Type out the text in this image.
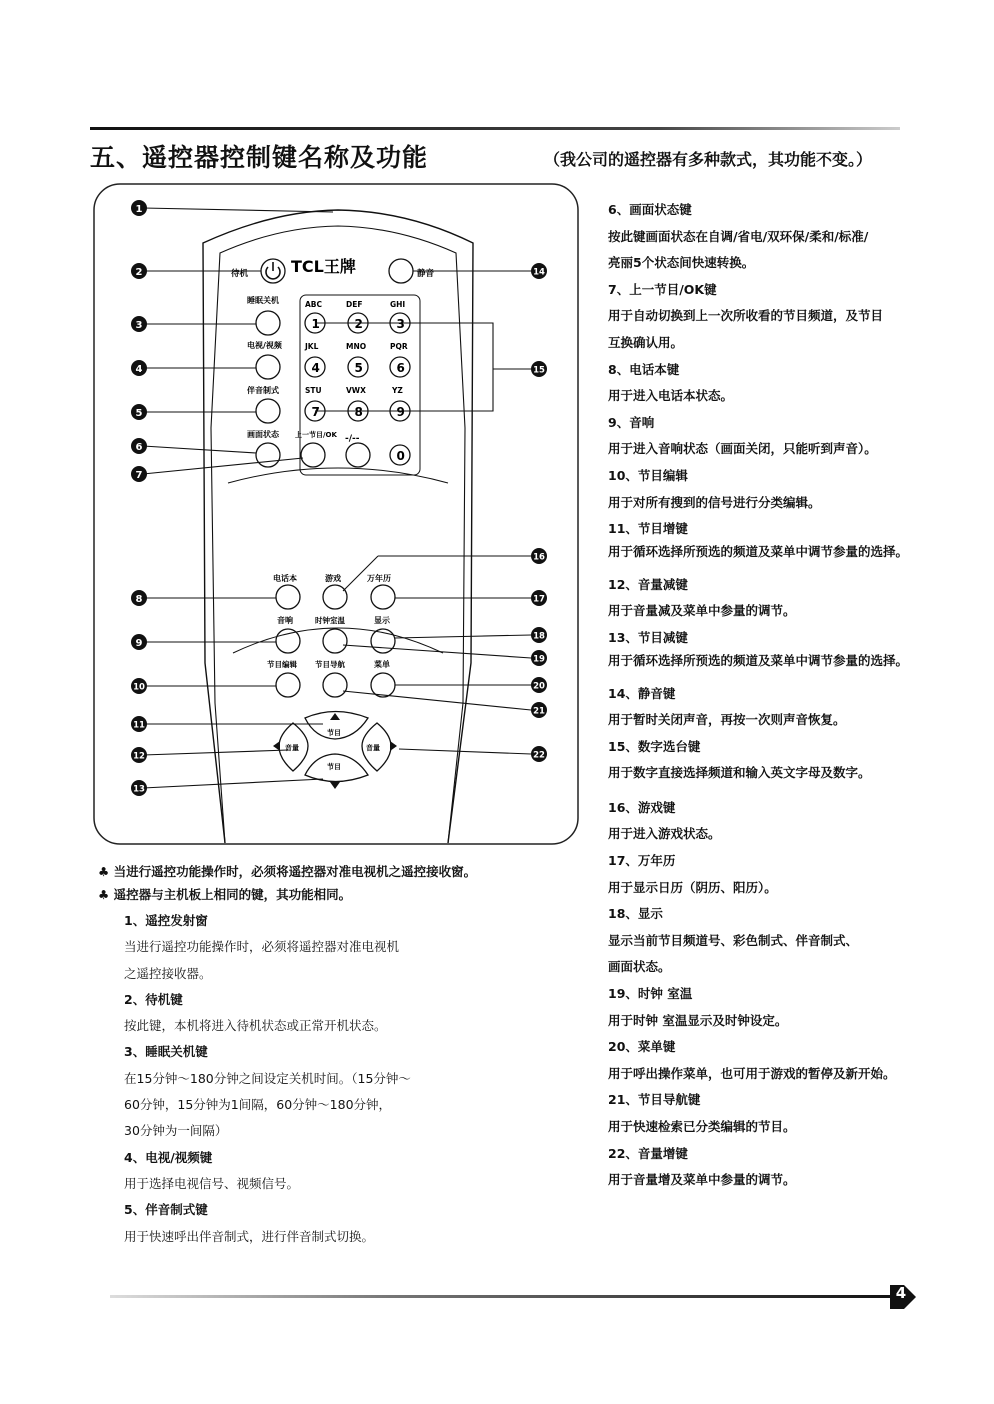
五、遥控器控制键名称及功能	（我公司的遥控器有多种款式，其功能不变。）
TCL王牌
待机	静音
睡眠关机
电视/视频
伴音制式
画面状态 上一节目/OK
ABC
1
DEF
2
GHI
3
JKL
4
MNO
5
PQR
6
STU
7
VWX
8
YZ
9
-/--
0
电话本	游戏	万年历
音响	时钟室温	显示
节目编辑 节目导航	菜单
节目
节目
音量	音量
1
2
3
4
5
6
7
8
9
10
11
12
13
14
15
16
17
18
19
20
21
22
6、画面状态键
按此键画面状态在自调/省电/双环保/柔和/标准/
亮丽5个状态间快速转换。
7、上一节目/OK键
用于自动切换到上一次所收看的节目频道，及节目
互换确认用。
8、电话本键
用于进入电话本状态。
9、音响
用于进入音响状态（画面关闭，只能听到声音）。
10、节目编辑
用于对所有搜到的信号进行分类编辑。
11、节目增键
用于循环选择所预选的频道及菜单中调节参量的选择。
12、音量减键
用于音量减及菜单中参量的调节。
13、节目减键
用于循环选择所预选的频道及菜单中调节参量的选择。
14、静音键
用于暂时关闭声音，再按一次则声音恢复。
15、数字选台键
用于数字直接选择频道和输入英文字母及数字。
16、游戏键
用于进入游戏状态。
17、万年历
用于显示日历（阴历、阳历）。
18、显示
显示当前节目频道号、彩色制式、伴音制式、
画面状态。
19、时钟 室温
用于时钟 室温显示及时钟设定。
20、菜单键
用于呼出操作菜单，也可用于游戏的暂停及新开始。
21、节目导航键
用于快速检索已分类编辑的节目。
22、音量增键
用于音量增及菜单中参量的调节。
♣ 当进行遥控功能操作时，必须将遥控器对准电视机之遥控接收窗。
♣ 遥控器与主机板上相同的键，其功能相同。
1、遥控发射窗
当进行遥控功能操作时，必须将遥控器对准电视机
之遥控接收器。
2、待机键
按此键，本机将进入待机状态或正常开机状态。
3、睡眠关机键
在15分钟～180分钟之间设定关机时间。（15分钟～
60分钟，15分钟为1间隔，60分钟～180分钟，
30分钟为一间隔）
4、电视/视频键
用于选择电视信号、视频信号。
5、伴音制式键
用于快速呼出伴音制式，进行伴音制式切换。
4
